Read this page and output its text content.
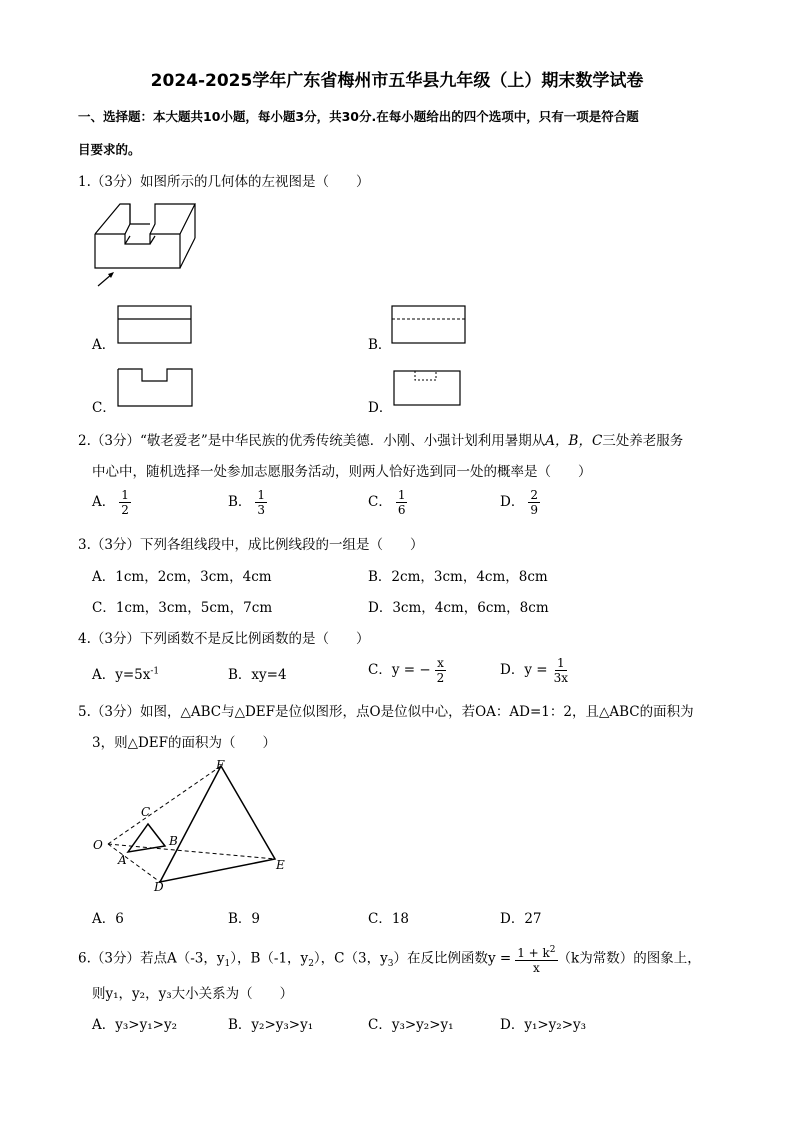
2024-2025学年广东省梅州市五华县九年级（上）期末数学试卷
一、选择题：本大题共10小题，每小题3分，共30分.在每小题给出的四个选项中，只有一项是符合题
目要求的。
1.（3分）如图所示的几何体的左视图是（　　）
A．	B．
C．	D．
2.（3分）“敬老爱老”是中华民族的优秀传统美德．小刚、小强计划利用暑期从A，B，C三处养老服务
中心中，随机选择一处参加志愿服务活动，则两人恰好选到同一处的概率是（　　）
A． $\frac{1}{2}$	B． $\frac{1}{3}$	C． $\frac{1}{6}$	D． $\frac{2}{9}$
3.（3分）下列各组线段中，成比例线段的一组是（　　）
A．1cm，2cm，3cm，4cm	B．2cm，3cm，4cm，8cm
C．1cm，3cm，5cm，7cm	D．3cm，4cm，6cm，8cm
4.（3分）下列函数不是反比例函数的是（　　）
A．$y=5x^{-1}$	B．xy=4	C．y = − $\frac{x}{2}$	D．$y = \frac{1}{3x}$
5.（3分）如图，△ABC与△DEF是位似图形，点O是位似中心，若OA：AD=1：2，且△ABC的面积为
3，则△DEF的面积为（　　）
F
C
O	B
A	E
D
A．6	B．9	C．18	D．27
6.（3分）若点A（-3，$y_1$），B（-1，$y_2$），C（3，$y_3$）在反比例函数$y = \frac{1 + k^2}{x} (k$为常数）的图象上，
则y₁，y₂，y₃大小关系为（　　）
A．y₃>y₁>y₂	B．y₂>y₃>y₁	C．y₃>y₂>y₁	D．y₁>y₂>y₃
